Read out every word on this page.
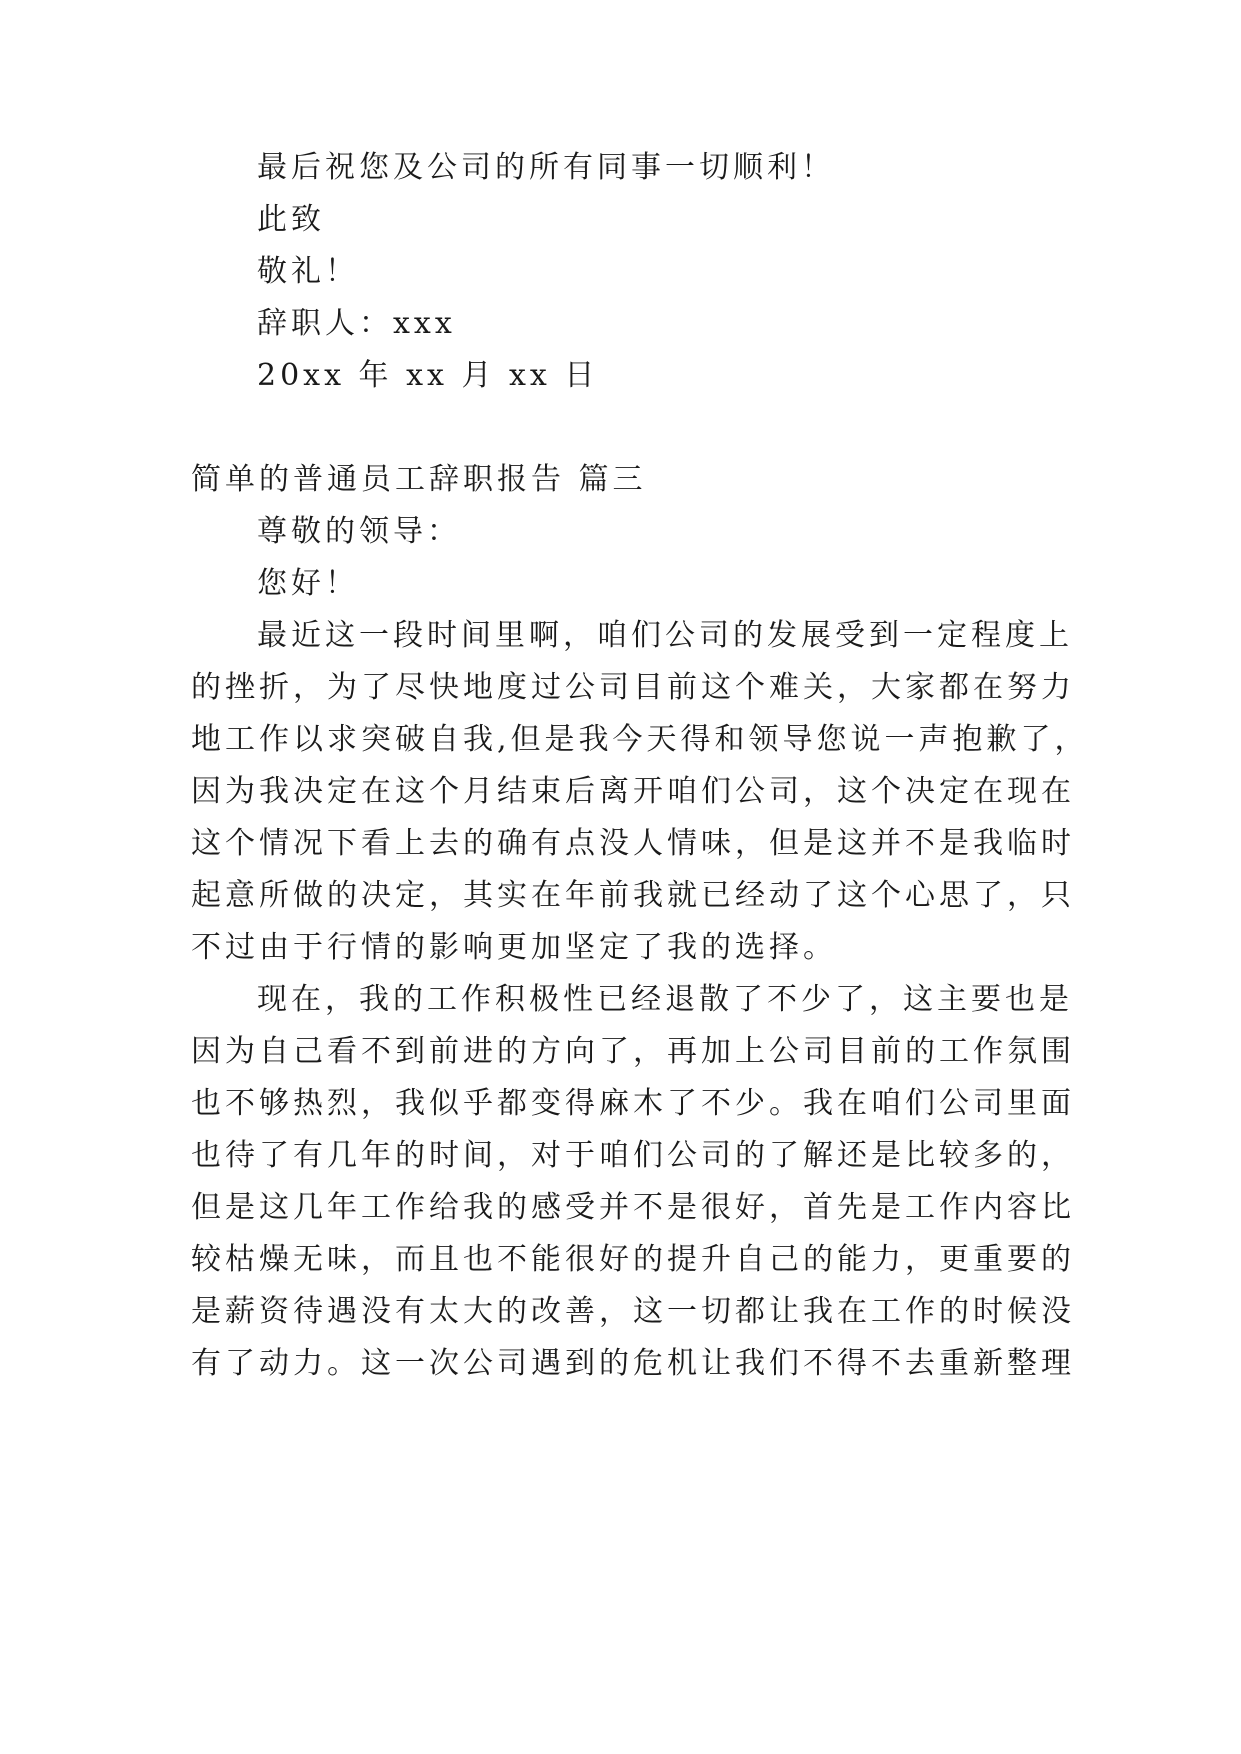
最后祝您及公司的所有同事一切顺利！
此致
敬礼！
辞职人：xxx
20xx 年 xx 月 xx 日
简单的普通员工辞职报告 篇三
尊敬的领导：
您好！
最近这一段时间里啊，咱们公司的发展受到一定程度上
的挫折，为了尽快地度过公司目前这个难关，大家都在努力
地工作以求突破自我,但是我今天得和领导您说一声抱歉了，
因为我决定在这个月结束后离开咱们公司，这个决定在现在
这个情况下看上去的确有点没人情味，但是这并不是我临时
起意所做的决定，其实在年前我就已经动了这个心思了，只
不过由于行情的影响更加坚定了我的选择。
现在，我的工作积极性已经退散了不少了，这主要也是
因为自己看不到前进的方向了，再加上公司目前的工作氛围
也不够热烈，我似乎都变得麻木了不少。我在咱们公司里面
也待了有几年的时间，对于咱们公司的了解还是比较多的，
但是这几年工作给我的感受并不是很好，首先是工作内容比
较枯燥无味，而且也不能很好的提升自己的能力，更重要的
是薪资待遇没有太大的改善，这一切都让我在工作的时候没
有了动力。这一次公司遇到的危机让我们不得不去重新整理
